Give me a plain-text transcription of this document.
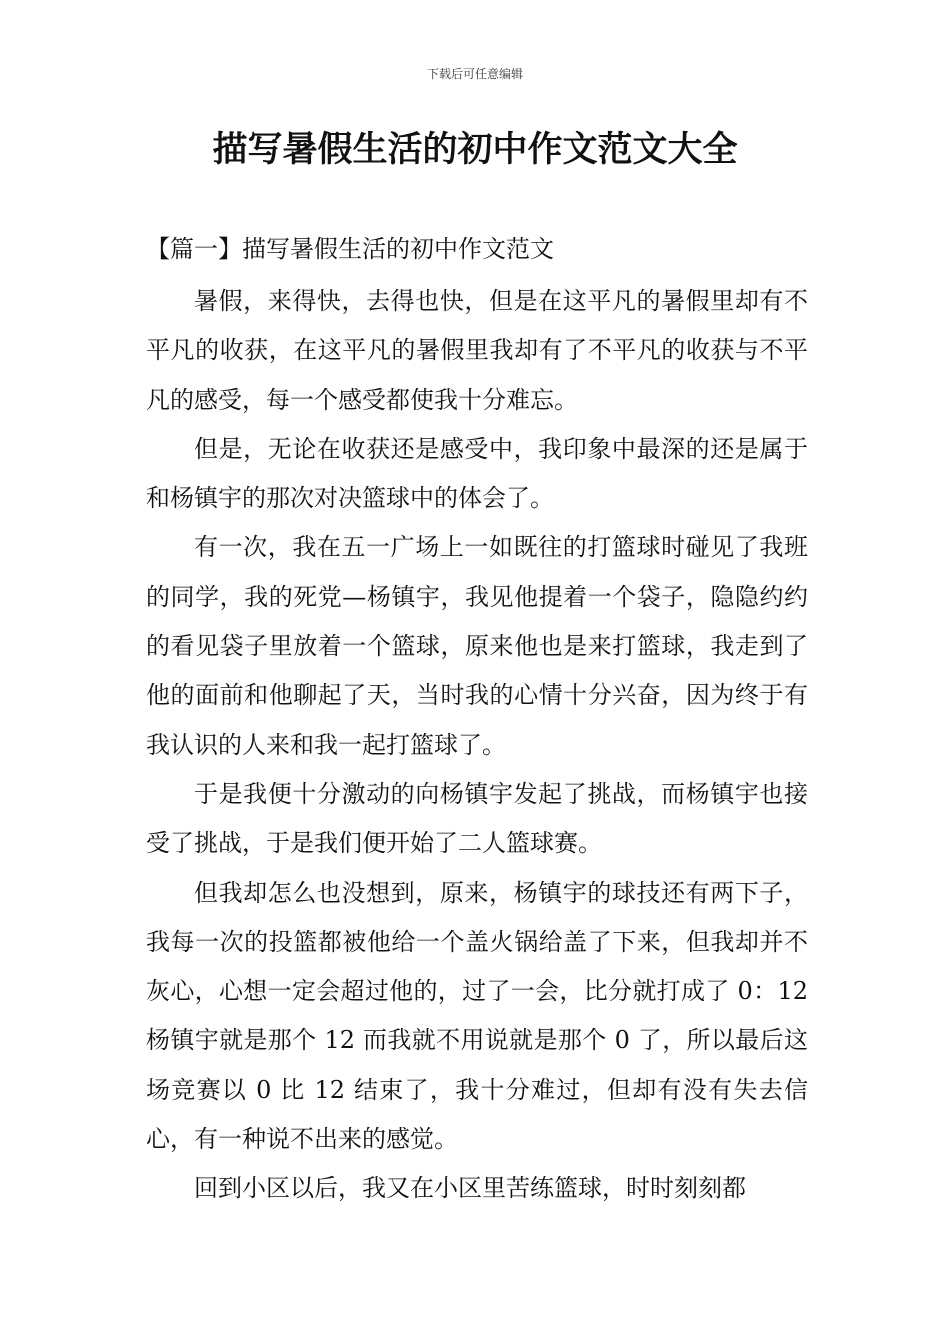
下载后可任意编辑
描写暑假生活的初中作文范文大全
【篇一】描写暑假生活的初中作文范文

暑假，来得快，去得也快，但是在这平凡的暑假里却有不平凡的收获，在这平凡的暑假里我却有了不平凡的收获与不平凡的感受，每一个感受都使我十分难忘。

但是，无论在收获还是感受中，我印象中最深的还是属于和杨镇宇的那次对决篮球中的体会了。

有一次，我在五一广场上一如既往的打篮球时碰见了我班的同学，我的死党—杨镇宇，我见他提着一个袋子，隐隐约约的看见袋子里放着一个篮球，原来他也是来打篮球，我走到了他的面前和他聊起了天，当时我的心情十分兴奋，因为终于有我认识的人来和我一起打篮球了。

于是我便十分激动的向杨镇宇发起了挑战，而杨镇宇也接受了挑战，于是我们便开始了二人篮球赛。

但我却怎么也没想到，原来，杨镇宇的球技还有两下子，我每一次的投篮都被他给一个盖火锅给盖了下来，但我却并不灰心，心想一定会超过他的，过了一会，比分就打成了 0：12 杨镇宇就是那个 12 而我就不用说就是那个 0 了，所以最后这场竞赛以 0 比 12 结束了，我十分难过，但却有没有失去信心，有一种说不出来的感觉。

回到小区以后，我又在小区里苦练篮球，时时刻刻都
